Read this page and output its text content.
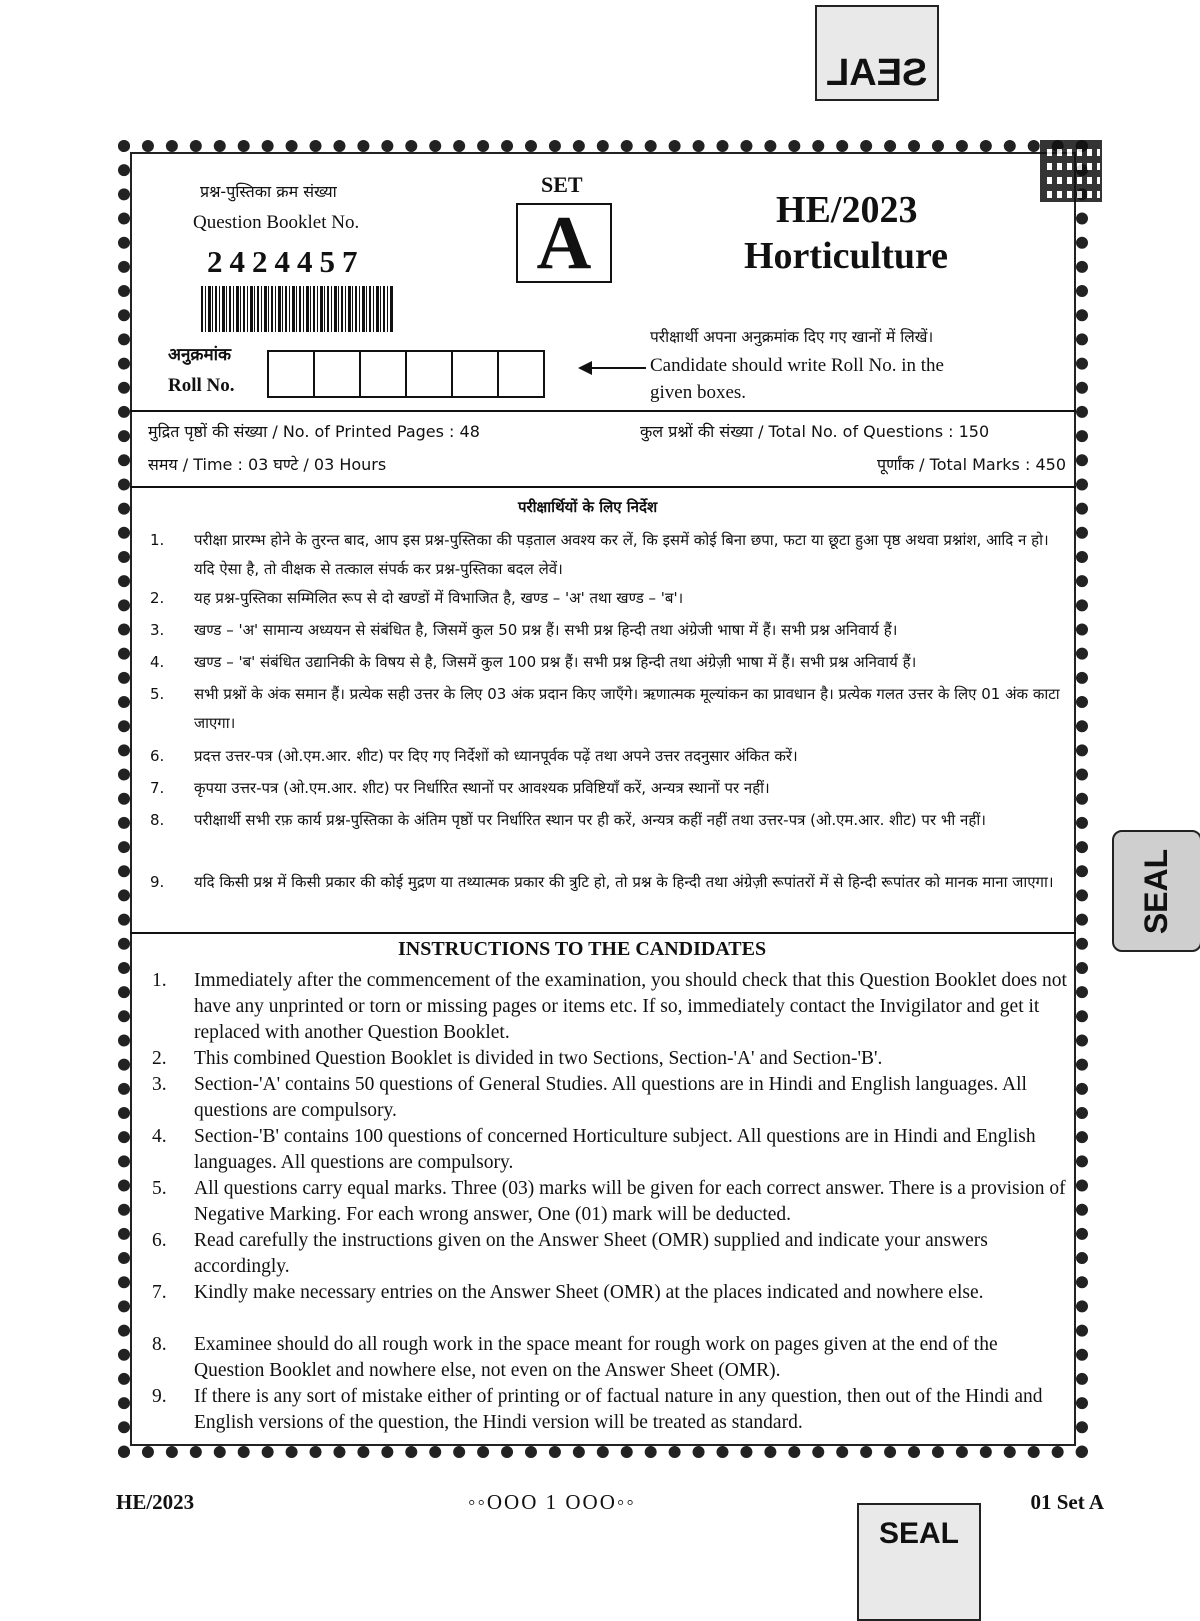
SEAL
SEAL
SEAL
प्रश्न-पुस्तिका क्रम संख्या
Question Booklet No.
2424457
SET
A	HE/2023
Horticulture
अनुक्रमांक
Roll No.
परीक्षार्थी अपना अनुक्रमांक दिए गए खानों में लिखें।
Candidate should write Roll No. in the
given boxes.
मुद्रित पृष्ठों की संख्या / No. of Printed Pages : 48	कुल प्रश्नों की संख्या / Total No. of Questions : 150
समय / Time : 03 घण्टे / 03 Hours	पूर्णांक / Total Marks : 450
परीक्षार्थियों के लिए निर्देश
1. परीक्षा प्रारम्भ होने के तुरन्त बाद, आप इस प्रश्न-पुस्तिका की पड़ताल अवश्य कर लें, कि इसमें कोई बिना छपा, फटा या छूटा हुआ पृष्ठ अथवा प्रश्नांश, आदि न हो। यदि ऐसा है, तो वीक्षक से तत्काल संपर्क कर प्रश्न-पुस्तिका बदल लेवें।
2. यह प्रश्न-पुस्तिका सम्मिलित रूप से दो खण्डों में विभाजित है, खण्ड – 'अ' तथा खण्ड – 'ब'।
3. खण्ड – 'अ' सामान्य अध्ययन से संबंधित है, जिसमें कुल 50 प्रश्न हैं। सभी प्रश्न हिन्दी तथा अंग्रेजी भाषा में हैं। सभी प्रश्न अनिवार्य हैं।
4. खण्ड – 'ब' संबंधित उद्यानिकी के विषय से है, जिसमें कुल 100 प्रश्न हैं। सभी प्रश्न हिन्दी तथा अंग्रेज़ी भाषा में हैं। सभी प्रश्न अनिवार्य हैं।
5. सभी प्रश्नों के अंक समान हैं। प्रत्येक सही उत्तर के लिए 03 अंक प्रदान किए जाएँगे। ऋणात्मक मूल्यांकन का प्रावधान है। प्रत्येक गलत उत्तर के लिए 01 अंक काटा जाएगा।
6. प्रदत्त उत्तर-पत्र (ओ.एम.आर. शीट) पर दिए गए निर्देशों को ध्यानपूर्वक पढ़ें तथा अपने उत्तर तदनुसार अंकित करें।
7. कृपया उत्तर-पत्र (ओ.एम.आर. शीट) पर निर्धारित स्थानों पर आवश्यक प्रविष्टियाँ करें, अन्यत्र स्थानों पर नहीं।
8. परीक्षार्थी सभी रफ़ कार्य प्रश्न-पुस्तिका के अंतिम पृष्ठों पर निर्धारित स्थान पर ही करें, अन्यत्र कहीं नहीं तथा उत्तर-पत्र (ओ.एम.आर. शीट) पर भी नहीं।
9. यदि किसी प्रश्न में किसी प्रकार की कोई मुद्रण या तथ्यात्मक प्रकार की त्रुटि हो, तो प्रश्न के हिन्दी तथा अंग्रेज़ी रूपांतरों में से हिन्दी रूपांतर को मानक माना जाएगा।
INSTRUCTIONS TO THE CANDIDATES
1. Immediately after the commencement of the examination, you should check that this Question Booklet does not have any unprinted or torn or missing pages or items etc. If so, immediately contact the Invigilator and get it replaced with another Question Booklet.
2. This combined Question Booklet is divided in two Sections, Section-'A' and Section-'B'.
3. Section-'A' contains 50 questions of General Studies. All questions are in Hindi and English languages. All questions are compulsory.
4. Section-'B' contains 100 questions of concerned Horticulture subject. All questions are in Hindi and English languages. All questions are compulsory.
5. All questions carry equal marks. Three (03) marks will be given for each correct answer. There is a provision of Negative Marking. For each wrong answer, One (01) mark will be deducted.
6. Read carefully the instructions given on the Answer Sheet (OMR) supplied and indicate your answers accordingly.
7. Kindly make necessary entries on the Answer Sheet (OMR) at the places indicated and nowhere else.
8. Examinee should do all rough work in the space meant for rough work on pages given at the end of the Question Booklet and nowhere else, not even on the Answer Sheet (OMR).
9. If there is any sort of mistake either of printing or of factual nature in any question, then out of the Hindi and English versions of the question, the Hindi version will be treated as standard.
HE/2023	◦◦OOO 1 OOO◦◦	01 Set A
